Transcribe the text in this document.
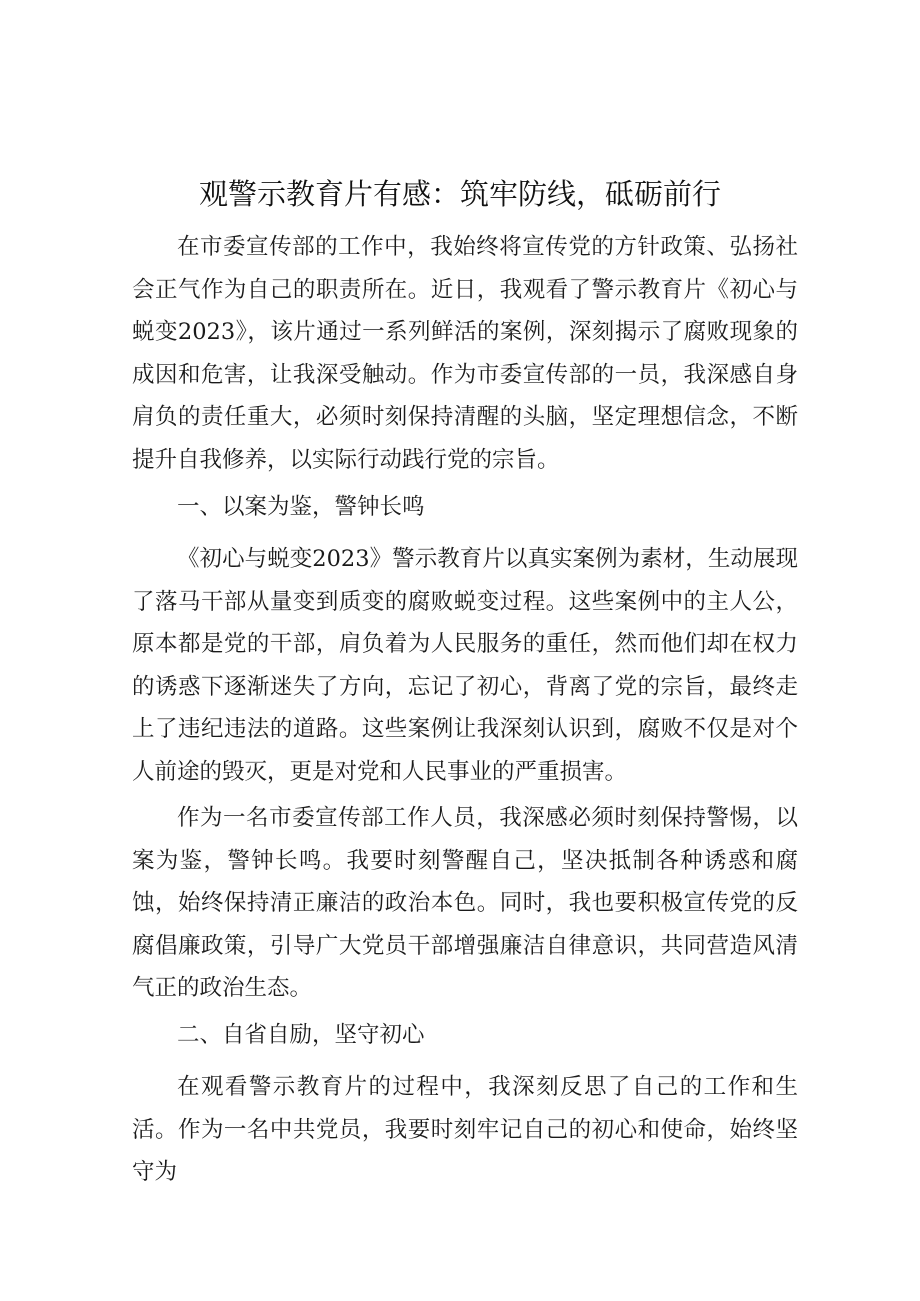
观警示教育片有感：筑牢防线，砥砺前行

在市委宣传部的工作中，我始终将宣传党的方针政策、弘扬社会正气作为自己的职责所在。近日，我观看了警示教育片《初心与蜕变2023》，该片通过一系列鲜活的案例，深刻揭示了腐败现象的成因和危害，让我深受触动。作为市委宣传部的一员，我深感自身肩负的责任重大，必须时刻保持清醒的头脑，坚定理想信念，不断提升自我修养，以实际行动践行党的宗旨。

一、以案为鉴，警钟长鸣

《初心与蜕变2023》警示教育片以真实案例为素材，生动展现了落马干部从量变到质变的腐败蜕变过程。这些案例中的主人公，原本都是党的干部，肩负着为人民服务的重任，然而他们却在权力的诱惑下逐渐迷失了方向，忘记了初心，背离了党的宗旨，最终走上了违纪违法的道路。这些案例让我深刻认识到，腐败不仅是对个人前途的毁灭，更是对党和人民事业的严重损害。

作为一名市委宣传部工作人员，我深感必须时刻保持警惕，以案为鉴，警钟长鸣。我要时刻警醒自己，坚决抵制各种诱惑和腐蚀，始终保持清正廉洁的政治本色。同时，我也要积极宣传党的反腐倡廉政策，引导广大党员干部增强廉洁自律意识，共同营造风清气正的政治生态。

二、自省自励，坚守初心

在观看警示教育片的过程中，我深刻反思了自己的工作和生活。作为一名中共党员，我要时刻牢记自己的初心和使命，始终坚守为
